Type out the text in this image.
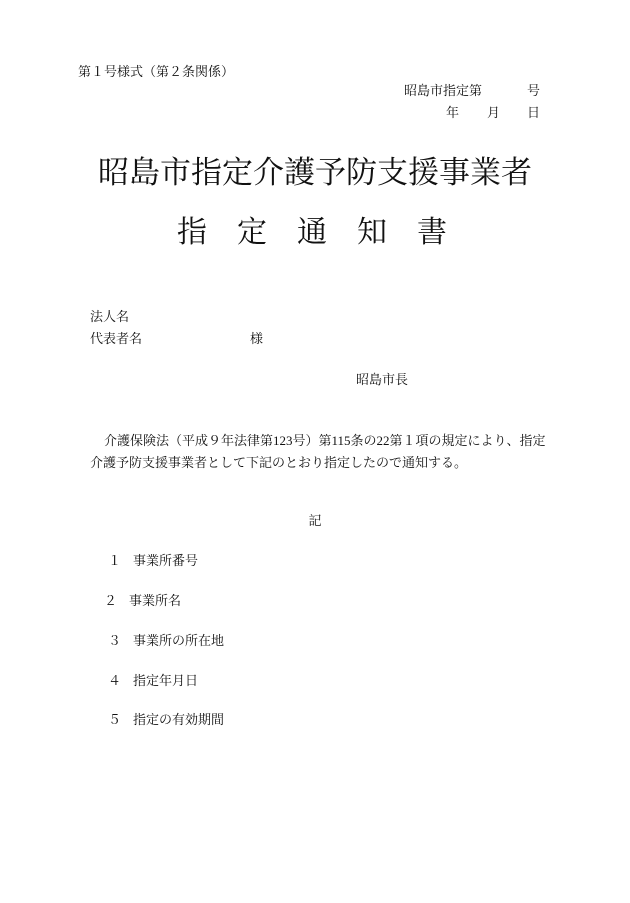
第１号様式（第２条関係）
昭島市指定第	号
年 月 日
昭島市指定介護予防支援事業者
指　定　通　知　書
法人名
代表者名	様
昭島市長
介護保険法（平成９年法律第123号）第115条の22第１項の規定により、指定
介護予防支援事業者として下記のとおり指定したので通知する。
記
１ 事業所番号
２ 事業所名
３ 事業所の所在地
４ 指定年月日
５ 指定の有効期間
